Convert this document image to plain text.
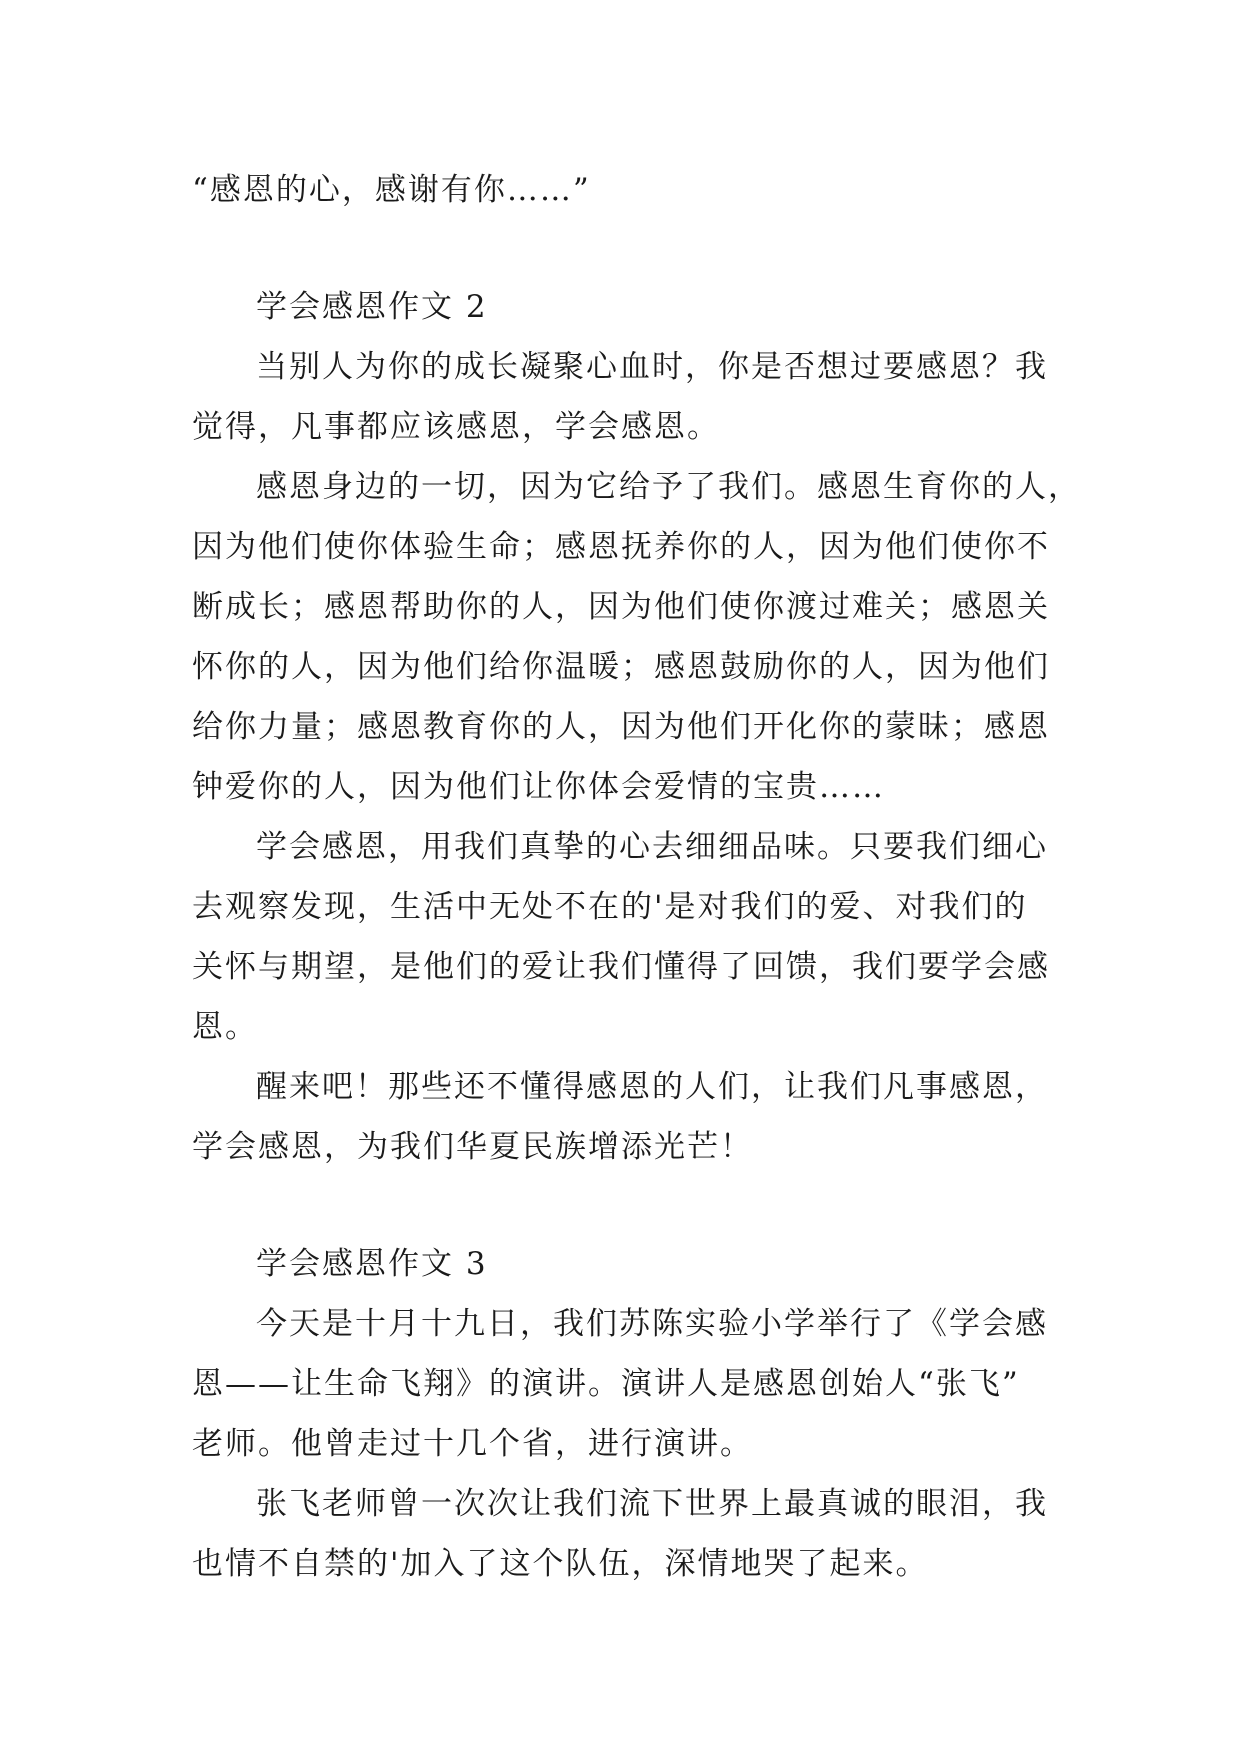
“感恩的心，感谢有你……”
学会感恩作文 2
当别人为你的成长凝聚心血时，你是否想过要感恩？我
觉得，凡事都应该感恩，学会感恩。
感恩身边的一切，因为它给予了我们。感恩生育你的人，
因为他们使你体验生命；感恩抚养你的人，因为他们使你不
断成长；感恩帮助你的人，因为他们使你渡过难关；感恩关
怀你的人，因为他们给你温暖；感恩鼓励你的人，因为他们
给你力量；感恩教育你的人，因为他们开化你的蒙昧；感恩
钟爱你的人，因为他们让你体会爱情的宝贵……
学会感恩，用我们真挚的心去细细品味。只要我们细心
去观察发现，生活中无处不在的'是对我们的爱、对我们的
关怀与期望，是他们的爱让我们懂得了回馈，我们要学会感
恩。
醒来吧！那些还不懂得感恩的人们，让我们凡事感恩，
学会感恩，为我们华夏民族增添光芒！
学会感恩作文 3
今天是十月十九日，我们苏陈实验小学举行了《学会感
恩——让生命飞翔》的演讲。演讲人是感恩创始人“张飞”
老师。他曾走过十几个省，进行演讲。
张飞老师曾一次次让我们流下世界上最真诚的眼泪，我
也情不自禁的'加入了这个队伍，深情地哭了起来。
